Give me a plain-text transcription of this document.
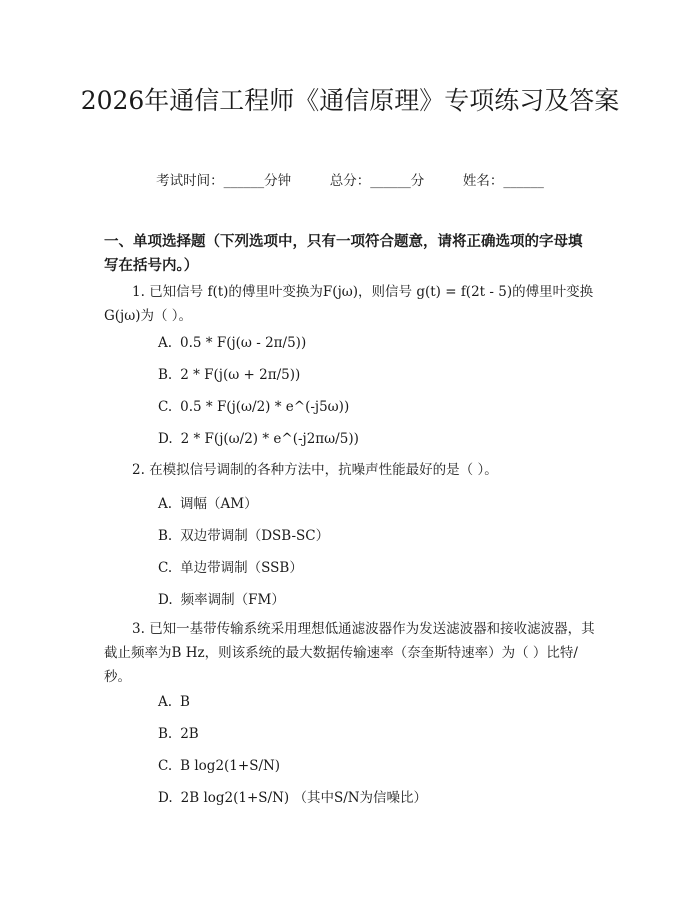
2026年通信工程师《通信原理》专项练习及答案
考试时间：______分钟	总分：______分	姓名：______

一、单项选择题（下列选项中，只有一项符合题意，请将正确选项的字母填写在括号内。）

1. 已知信号 f(t)的傅里叶变换为F(jω)，则信号 g(t) = f(2t - 5)的傅里叶变换 G(jω)为（ ）。

A. 0.5 * F(j(ω - 2π/5))
B. 2 * F(j(ω + 2π/5))
C. 0.5 * F(j(ω/2) * e^(-j5ω))
D. 2 * F(j(ω/2) * e^(-j2πω/5))

2. 在模拟信号调制的各种方法中，抗噪声性能最好的是（ ）。

A. 调幅（AM）
B. 双边带调制（DSB-SC）
C. 单边带调制（SSB）
D. 频率调制（FM）

3. 已知一基带传输系统采用理想低通滤波器作为发送滤波器和接收滤波器，其截止频率为B Hz，则该系统的最大数据传输速率（奈奎斯特速率）为（ ）比特/秒。

A. B
B. 2B
C. B log2(1+S/N)
D. 2B log2(1+S/N) （其中S/N为信噪比）
